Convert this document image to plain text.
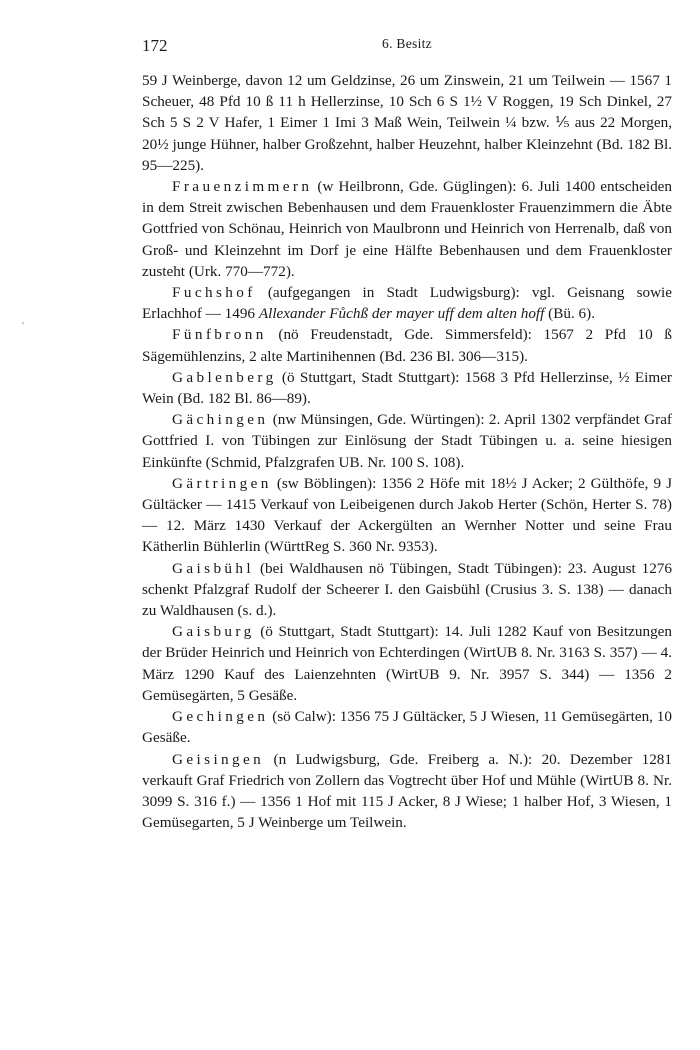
'
172	6. Besitz

59 J Weinberge, davon 12 um Geldzinse, 26 um Zinswein, 21 um Teilwein — 1567 1 Scheuer, 48 Pfd 10 ß 11 h Hellerzinse, 10 Sch 6 S 1½ V Roggen, 19 Sch Dinkel, 27 Sch 5 S 2 V Hafer, 1 Eimer 1 Imi 3 Maß Wein, Teilwein ¼ bzw. ⅕ aus 22 Morgen, 20½ junge Hühner, halber Großzehnt, halber Heuzehnt, halber Kleinzehnt (Bd. 182 Bl. 95—225).

Frauenzimmern (w Heilbronn, Gde. Güglingen): 6. Juli 1400 entscheiden in dem Streit zwischen Bebenhausen und dem Frauenkloster Frauenzimmern die Äbte Gottfried von Schönau, Heinrich von Maulbronn und Heinrich von Herrenalb, daß von Groß- und Kleinzehnt im Dorf je eine Hälfte Bebenhausen und dem Frauenkloster zusteht (Urk. 770—772).

Fuchshof (aufgegangen in Stadt Ludwigsburg): vgl. Geisnang sowie Erlachhof — 1496 Allexander Fůchß der mayer uff dem alten hoff (Bü. 6).

Fünfbronn (nö Freudenstadt, Gde. Simmersfeld): 1567 2 Pfd 10 ß Sägemühlenzins, 2 alte Martinihennen (Bd. 236 Bl. 306—315).

Gablenberg (ö Stuttgart, Stadt Stuttgart): 1568 3 Pfd Hellerzinse, ½ Eimer Wein (Bd. 182 Bl. 86—89).

Gächingen (nw Münsingen, Gde. Würtingen): 2. April 1302 verpfändet Graf Gottfried I. von Tübingen zur Einlösung der Stadt Tübingen u. a. seine hiesigen Einkünfte (Schmid, Pfalzgrafen UB. Nr. 100 S. 108).

Gärtringen (sw Böblingen): 1356 2 Höfe mit 18½ J Acker; 2 Gülthöfe, 9 J Gültäcker — 1415 Verkauf von Leibeigenen durch Jakob Herter (Schön, Herter S. 78) — 12. März 1430 Verkauf der Ackergülten an Wernher Notter und seine Frau Kätherlin Bühlerlin (WürttReg S. 360 Nr. 9353).

Gaisbühl (bei Waldhausen nö Tübingen, Stadt Tübingen): 23. August 1276 schenkt Pfalzgraf Rudolf der Scheerer I. den Gaisbühl (Crusius 3. S. 138) — danach zu Waldhausen (s. d.).

Gaisburg (ö Stuttgart, Stadt Stuttgart): 14. Juli 1282 Kauf von Besitzungen der Brüder Heinrich und Heinrich von Echterdingen (WirtUB 8. Nr. 3163 S. 357) — 4. März 1290 Kauf des Laienzehnten (WirtUB 9. Nr. 3957 S. 344) — 1356 2 Gemüsegärten, 5 Gesäße.

Gechingen (sö Calw): 1356 75 J Gültäcker, 5 J Wiesen, 11 Gemüsegärten, 10 Gesäße.

Geisingen (n Ludwigsburg, Gde. Freiberg a. N.): 20. Dezember 1281 verkauft Graf Friedrich von Zollern das Vogtrecht über Hof und Mühle (WirtUB 8. Nr. 3099 S. 316 f.) — 1356 1 Hof mit 115 J Acker, 8 J Wiese; 1 halber Hof, 3 Wiesen, 1 Gemüsegarten, 5 J Weinberge um Teilwein.
